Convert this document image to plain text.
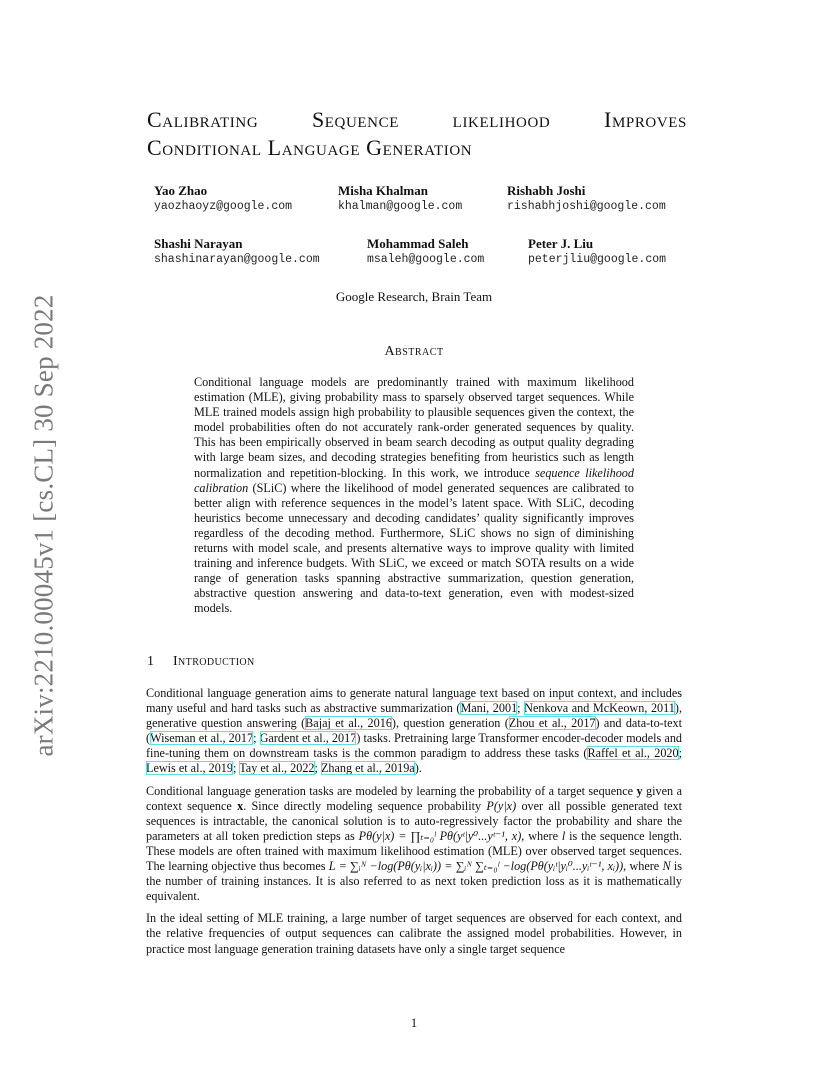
arXiv:2210.00045v1 [cs.CL] 30 Sep 2022
Calibrating Sequence likelihood Improves
Conditional Language Generation
Yao Zhao
yaozhaoyz@google.com
Misha Khalman
khalman@google.com
Rishabh Joshi
rishabhjoshi@google.com
Shashi Narayan
shashinarayan@google.com
Mohammad Saleh
msaleh@google.com
Peter J. Liu
peterjliu@google.com
Google Research, Brain Team
Abstract
Conditional language models are predominantly trained with maximum likelihood estimation (MLE), giving probability mass to sparsely observed target sequences. While MLE trained models assign high probability to plausible sequences given the context, the model probabilities often do not accurately rank-order generated sequences by quality. This has been empirically observed in beam search decoding as output quality degrading with large beam sizes, and decoding strategies benefiting from heuristics such as length normalization and repetition-blocking. In this work, we introduce sequence likelihood calibration (SLiC) where the likelihood of model generated sequences are calibrated to better align with reference sequences in the model’s latent space. With SLiC, decoding heuristics become unnecessary and decoding candidates’ quality significantly improves regardless of the decoding method. Furthermore, SLiC shows no sign of diminishing returns with model scale, and presents alternative ways to improve quality with limited training and inference budgets. With SLiC, we exceed or match SOTA results on a wide range of generation tasks spanning abstractive summarization, question generation, abstractive question answering and data-to-text generation, even with modest-sized models.
1 Introduction

Conditional language generation aims to generate natural language text based on input context, and includes many useful and hard tasks such as abstractive summarization (Mani, 2001; Nenkova and McKeown, 2011), generative question answering (Bajaj et al., 2016), question generation (Zhou et al., 2017) and data-to-text (Wiseman et al., 2017; Gardent et al., 2017) tasks. Pretraining large Transformer encoder-decoder models and fine-tuning them on downstream tasks is the common paradigm to address these tasks (Raffel et al., 2020; Lewis et al., 2019; Tay et al., 2022; Zhang et al., 2019a).

Conditional language generation tasks are modeled by learning the probability of a target sequence y given a context sequence x. Since directly modeling sequence probability P(y|x) over all possible generated text sequences is intractable, the canonical solution is to auto-regressively factor the probability and share the parameters at all token prediction steps as Pθ(y|x) = ∏ₜ₌₀ˡ Pθ(yᵗ|y⁰...yᵗ⁻¹, x), where l is the sequence length. These models are often trained with maximum likelihood estimation (MLE) over observed target sequences. The learning objective thus becomes L = ∑ᵢᴺ −log(Pθ(yᵢ|xᵢ)) = ∑ᵢᴺ ∑ₜ₌₀ˡ −log(Pθ(yᵢᵗ|yᵢ⁰...yᵢᵗ⁻¹, xᵢ)), where N is the number of training instances. It is also referred to as next token prediction loss as it is mathematically equivalent.

In the ideal setting of MLE training, a large number of target sequences are observed for each context, and the relative frequencies of output sequences can calibrate the assigned model probabilities. However, in practice most language generation training datasets have only a single target sequence

1
